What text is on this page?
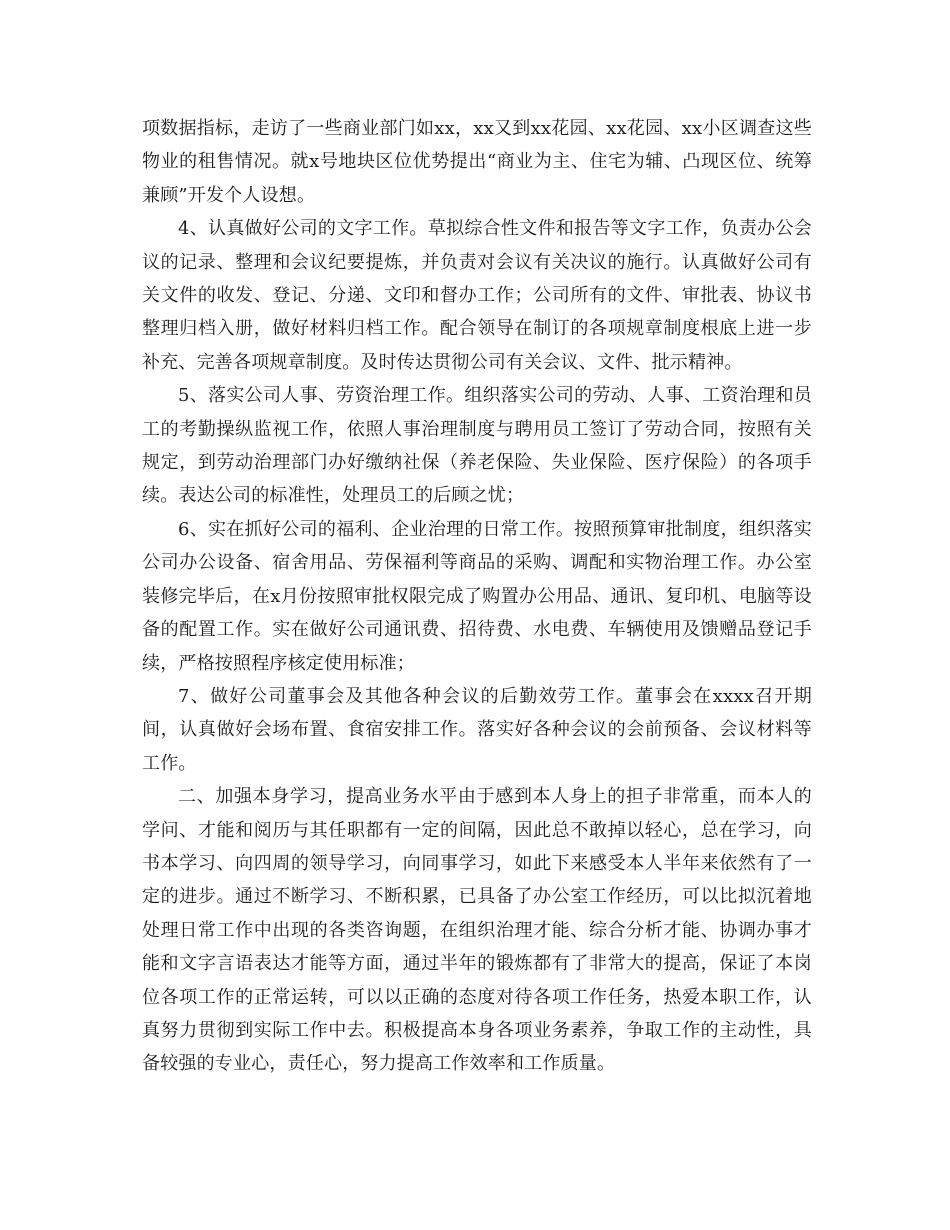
项数据指标，走访了一些商业部门如xx，xx又到xx花园、xx花园、xx小区调查这些物业的租售情况。就x号地块区位优势提出“商业为主、住宅为辅、凸现区位、统筹兼顾”开发个人设想。

4、认真做好公司的文字工作。草拟综合性文件和报告等文字工作，负责办公会议的记录、整理和会议纪要提炼，并负责对会议有关决议的施行。认真做好公司有关文件的收发、登记、分递、文印和督办工作；公司所有的文件、审批表、协议书整理归档入册，做好材料归档工作。配合领导在制订的各项规章制度根底上进一步补充、完善各项规章制度。及时传达贯彻公司有关会议、文件、批示精神。

5、落实公司人事、劳资治理工作。组织落实公司的劳动、人事、工资治理和员工的考勤操纵监视工作，依照人事治理制度与聘用员工签订了劳动合同，按照有关规定，到劳动治理部门办好缴纳社保（养老保险、失业保险、医疗保险）的各项手续。表达公司的标准性，处理员工的后顾之忧；

6、实在抓好公司的福利、企业治理的日常工作。按照预算审批制度，组织落实公司办公设备、宿舍用品、劳保福利等商品的采购、调配和实物治理工作。办公室装修完毕后，在x月份按照审批权限完成了购置办公用品、通讯、复印机、电脑等设备的配置工作。实在做好公司通讯费、招待费、水电费、车辆使用及馈赠品登记手续，严格按照程序核定使用标准；

7、做好公司董事会及其他各种会议的后勤效劳工作。董事会在xxxx召开期间，认真做好会场布置、食宿安排工作。落实好各种会议的会前预备、会议材料等工作。

二、加强本身学习，提高业务水平由于感到本人身上的担子非常重，而本人的学问、才能和阅历与其任职都有一定的间隔，因此总不敢掉以轻心，总在学习，向书本学习、向四周的领导学习，向同事学习，如此下来感受本人半年来依然有了一定的进步。通过不断学习、不断积累，已具备了办公室工作经历，可以比拟沉着地处理日常工作中出现的各类咨询题，在组织治理才能、综合分析才能、协调办事才能和文字言语表达才能等方面，通过半年的锻炼都有了非常大的提高，保证了本岗位各项工作的正常运转，可以以正确的态度对待各项工作任务，热爱本职工作，认真努力贯彻到实际工作中去。积极提高本身各项业务素养，争取工作的主动性，具备较强的专业心，责任心，努力提高工作效率和工作质量。
